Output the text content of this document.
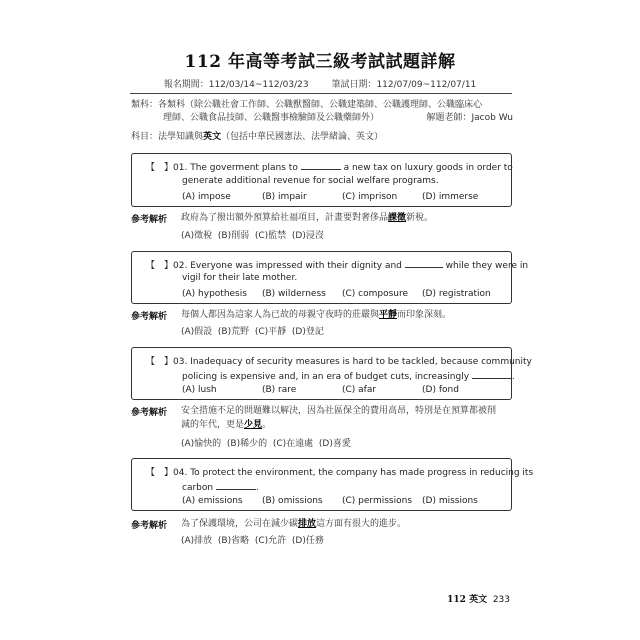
112 年高等考試三級考試試題詳解
報名期間：112/03/14~112/03/23	筆試日期：112/07/09~112/07/11
類科：各類科（除公職社會工作師、公職獸醫師、公職建築師、公職護理師、公職臨床心
理師、公職食品技師、公職醫事檢驗師及公職藥師外）	解題老師：Jacob Wu
科目：法學知識與英文（包括中華民國憲法、法學緒論、英文）
【　】01. The goverment plans to	a new tax on luxury goods in order to
generate additional revenue for social welfare programs.
(A) impose	(B) impair	(C) imprison	(D) immerse
參考解析 政府為了撥出額外預算給社福項目，計畫要對奢侈品課徵新稅。
(A)徵稅 (B)削弱 (C)監禁 (D)浸沒
【　】02. Everyone was impressed with their dignity and	while they were in
vigil for their late mother.
(A) hypothesis (B) wilderness (C) composure (D) registration
參考解析 每個人都因為這家人為已故的母親守夜時的莊嚴與平靜而印象深刻。
(A)假設 (B)荒野 (C)平靜 (D)登記
【　】03. Inadequacy of security measures is hard to be tackled, because community
policing is expensive and, in an era of budget cuts, increasingly	.
(A) lush	(B) rare	(C) afar	(D) fond
參考解析 安全措施不足的問題難以解決，因為社區保全的費用高昂，特別是在預算都被削
減的年代，更是少見。
(A)愉快的 (B)稀少的 (C)在遠處 (D)喜愛
【　】04. To protect the environment, the company has made progress in reducing its
carbon	.
(A) emissions (B) omissions (C) permissions (D) missions
參考解析 為了保護環境，公司在減少碳排放這方面有很大的進步。
(A)排放 (B)省略 (C)允許 (D)任務
112 英文 233
